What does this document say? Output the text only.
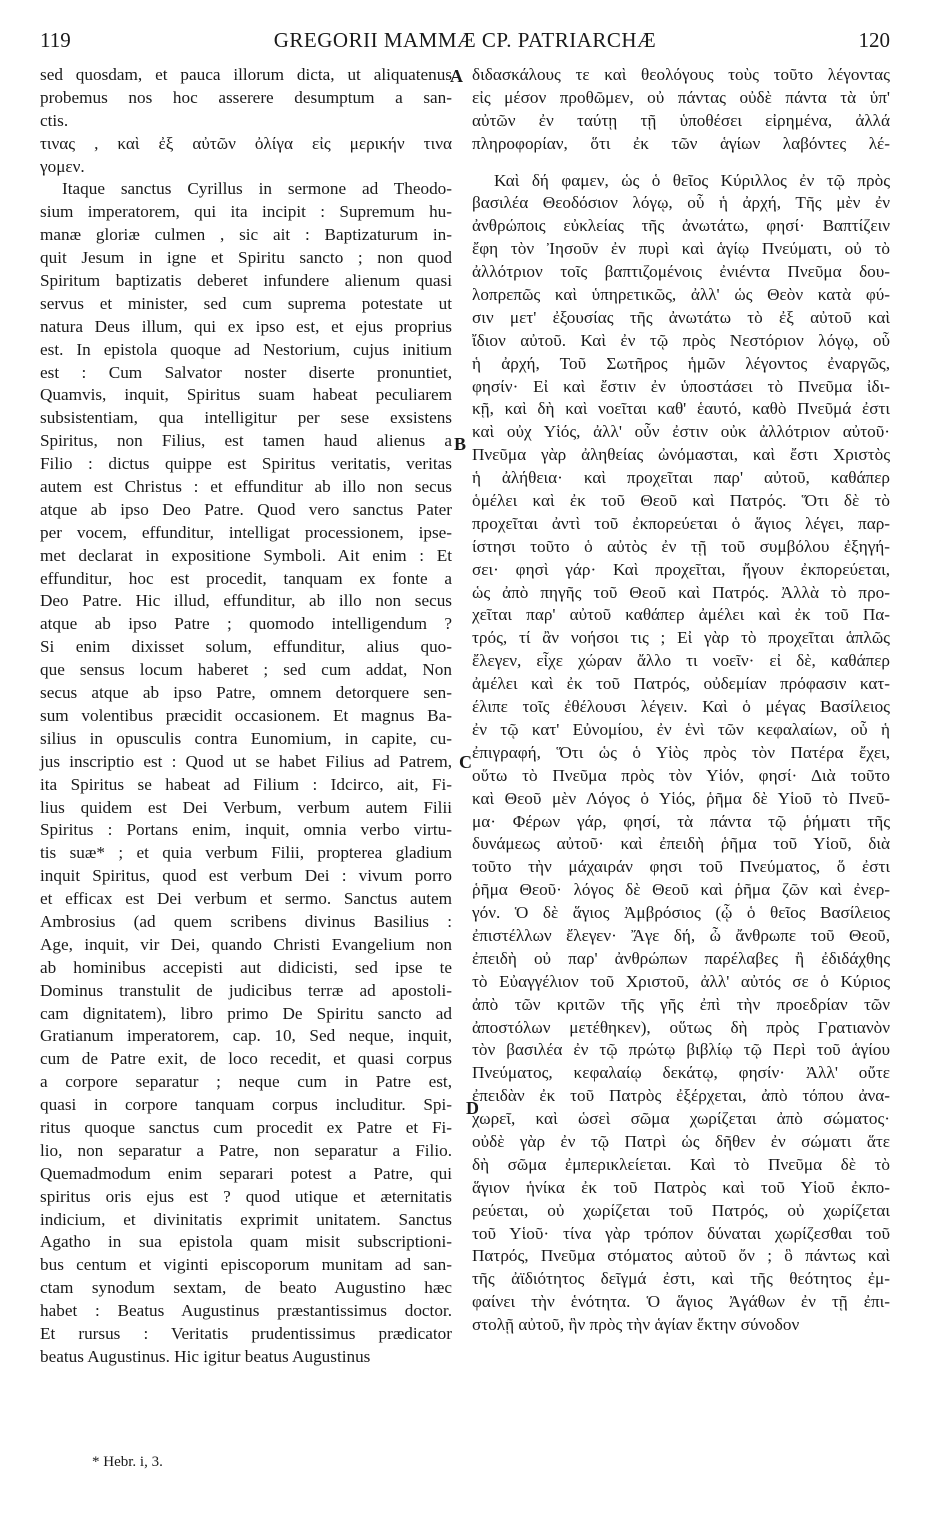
119	GREGORII MAMMÆ CP. PATRIARCHÆ	120
sed quosdam, et pauca illorum dicta, ut aliquatenus
probemus nos hoc asserere desumptum a san-
ctis.
τινας , καὶ ἐξ αὐτῶν ὀλίγα εἰς μερικήν τινα
γομεν.
Itaque sanctus Cyrillus in sermone ad Theodo-
sium imperatorem, qui ita incipit : Supremum hu-
manæ gloriæ culmen , sic ait : Baptizaturum in-
quit Jesum in igne et Spiritu sancto ; non quod
Spiritum baptizatis deberet infundere alienum quasi
servus et minister, sed cum suprema potestate ut
natura Deus illum, qui ex ipso est, et ejus proprius
est. In epistola quoque ad Nestorium, cujus initium
est : Cum Salvator noster diserte pronuntiet,
Quamvis, inquit, Spiritus suam habeat peculiarem
subsistentiam, qua intelligitur per sese exsistens
Spiritus, non Filius, est tamen haud alienus a
Filio : dictus quippe est Spiritus veritatis, veritas
autem est Christus : et effunditur ab illo non secus
atque ab ipso Deo Patre. Quod vero sanctus Pater
per vocem, effunditur, intelligat processionem, ipse-
met declarat in expositione Symboli. Ait enim : Et
effunditur, hoc est procedit, tanquam ex fonte a
Deo Patre. Hic illud, effunditur, ab illo non secus
atque ab ipso Patre ; quomodo intelligendum ?
Si enim dixisset solum, effunditur, alius quo-
que sensus locum haberet ; sed cum addat, Non
secus atque ab ipso Patre, omnem detorquere sen-
sum volentibus præcidit occasionem. Et magnus Ba-
silius in opusculis contra Eunomium, in capite, cu-
jus inscriptio est : Quod ut se habet Filius ad Patrem,
ita Spiritus se habeat ad Filium : Idcirco, ait, Fi-
lius quidem est Dei Verbum, verbum autem Filii
Spiritus : Portans enim, inquit, omnia verbo virtu-
tis suæ* ; et quia verbum Filii, propterea gladium
inquit Spiritus, quod est verbum Dei : vivum porro
et efficax est Dei verbum et sermo. Sanctus autem
Ambrosius (ad quem scribens divinus Basilius :
Age, inquit, vir Dei, quando Christi Evangelium non
ab hominibus accepisti aut didicisti, sed ipse te
Dominus transtulit de judicibus terræ ad apostoli-
cam dignitatem), libro primo De Spiritu sancto ad
Gratianum imperatorem, cap. 10, Sed neque, inquit,
cum de Patre exit, de loco recedit, et quasi corpus
a corpore separatur ; neque cum in Patre est,
quasi in corpore tanquam corpus includitur. Spi-
ritus quoque sanctus cum procedit ex Patre et Fi-
lio, non separatur a Patre, non separatur a Filio.
Quemadmodum enim separari potest a Patre, qui
spiritus oris ejus est ? quod utique et æternitatis
indicium, et divinitatis exprimit unitatem. Sanctus
Agatho in sua epistola quam misit subscriptioni-
bus centum et viginti episcoporum munitam ad san-
ctam synodum sextam, de beato Augustino hæc
habet : Beatus Augustinus præstantissimus doctor.
Et rursus : Veritatis prudentissimus prædicator
beatus Augustinus. Hic igitur beatus Augustinus
διδασκάλους τε καὶ θεολόγους τοὺς τοῦτο λέγοντας
εἰς μέσον προθῶμεν, οὐ πάντας οὐδὲ πάντα τὰ ὑπ'
αὐτῶν ἐν ταύτῃ τῇ ὑποθέσει εἰρημένα, ἀλλά
πληροφορίαν, ὅτι ἐκ τῶν ἁγίων λαβόντες λέ-
Καὶ δή φαμεν, ὡς ὁ θεῖος Κύριλλος ἐν τῷ πρὸς
βασιλέα Θεοδόσιον λόγῳ, οὗ ἡ ἀρχή, Τῆς μὲν ἐν
ἀνθρώποις εὐκλείας τῆς ἀνωτάτω, φησί· Βαπτίζειν
ἔφη τὸν Ἰησοῦν ἐν πυρὶ καὶ ἁγίῳ Πνεύματι, οὐ τὸ
ἀλλότριον τοῖς βαπτιζομένοις ἐνιέντα Πνεῦμα δου-
λοπρεπῶς καὶ ὑπηρετικῶς, ἀλλ' ὡς Θεὸν κατὰ φύ-
σιν μετ' ἐξουσίας τῆς ἀνωτάτω τὸ ἐξ αὐτοῦ καὶ
ἴδιον αὐτοῦ. Καὶ ἐν τῷ πρὸς Νεστόριον λόγῳ, οὗ
ἡ ἀρχή, Τοῦ Σωτῆρος ἡμῶν λέγοντος ἐναργῶς,
φησίν· Εἰ καὶ ἔστιν ἐν ὑποστάσει τὸ Πνεῦμα ἰδι-
κῇ, καὶ δὴ καὶ νοεῖται καθ' ἑαυτό, καθὸ Πνεῦμά ἐστι
καὶ οὐχ Υἱός, ἀλλ' οὖν ἐστιν οὐκ ἀλλότριον αὐτοῦ·
Πνεῦμα γὰρ ἀληθείας ὠνόμασται, καὶ ἔστι Χριστὸς
ἡ ἀλήθεια· καὶ προχεῖται παρ' αὐτοῦ, καθάπερ
ὁμέλει καὶ ἐκ τοῦ Θεοῦ καὶ Πατρός. Ὅτι δὲ τὸ
προχεῖται ἀντὶ τοῦ ἐκπορεύεται ὁ ἅγιος λέγει, παρ-
ίστησι τοῦτο ὁ αὐτὸς ἐν τῇ τοῦ συμβόλου ἐξηγή-
σει· φησὶ γάρ· Καὶ προχεῖται, ἤγουν ἐκπορεύεται,
ὡς ἀπὸ πηγῆς τοῦ Θεοῦ καὶ Πατρός. Ἀλλὰ τὸ προ-
χεῖται παρ' αὐτοῦ καθάπερ ἀμέλει καὶ ἐκ τοῦ Πα-
τρός, τί ἂν νοήσοι τις ; Εἰ γὰρ τὸ προχεῖται ἁπλῶς
ἔλεγεν, εἶχε χώραν ἄλλο τι νοεῖν· εἰ δὲ, καθάπερ
ἀμέλει καὶ ἐκ τοῦ Πατρός, οὐδεμίαν πρόφασιν κατ-
έλιπε τοῖς ἐθέλουσι λέγειν. Καὶ ὁ μέγας Βασίλειος
ἐν τῷ κατ' Εὐνομίου, ἐν ἑνὶ τῶν κεφαλαίων, οὗ ἡ
ἐπιγραφή, Ὅτι ὡς ὁ Υἱὸς πρὸς τὸν Πατέρα ἔχει,
οὕτω τὸ Πνεῦμα πρὸς τὸν Υἱόν, φησί· Διὰ τοῦτο
καὶ Θεοῦ μὲν Λόγος ὁ Υἱός, ῥῆμα δὲ Υἱοῦ τὸ Πνεῦ-
μα· Φέρων γάρ, φησί, τὰ πάντα τῷ ῥήματι τῆς
δυνάμεως αὐτοῦ· καὶ ἐπειδὴ ῥῆμα τοῦ Υἱοῦ, διὰ
τοῦτο τὴν μάχαιράν φησι τοῦ Πνεύματος, ὅ ἐστι
ῥῆμα Θεοῦ· λόγος δὲ Θεοῦ καὶ ῥῆμα ζῶν καὶ ἐνερ-
γόν. Ὁ δὲ ἅγιος Ἀμβρόσιος (ᾧ ὁ θεῖος Βασίλειος
ἐπιστέλλων ἔλεγεν· Ἄγε δή, ὦ ἄνθρωπε τοῦ Θεοῦ,
ἐπειδὴ οὐ παρ' ἀνθρώπων παρέλαβες ἢ ἐδιδάχθης
τὸ Εὐαγγέλιον τοῦ Χριστοῦ, ἀλλ' αὐτός σε ὁ Κύριος
ἀπὸ τῶν κριτῶν τῆς γῆς ἐπὶ τὴν προεδρίαν τῶν
ἀποστόλων μετέθηκεν), οὕτως δὴ πρὸς Γρατιανὸν
τὸν βασιλέα ἐν τῷ πρώτῳ βιβλίῳ τῷ Περὶ τοῦ ἁγίου
Πνεύματος, κεφαλαίῳ δεκάτῳ, φησίν· Ἀλλ' οὔτε
ἐπειδὰν ἐκ τοῦ Πατρὸς ἐξέρχεται, ἀπὸ τόπου ἀνα-
χωρεῖ, καὶ ὡσεὶ σῶμα χωρίζεται ἀπὸ σώματος·
οὐδὲ γὰρ ἐν τῷ Πατρὶ ὡς δῆθεν ἐν σώματι ἅτε
δὴ σῶμα ἐμπερικλείεται. Καὶ τὸ Πνεῦμα δὲ τὸ
ἅγιον ἡνίκα ἐκ τοῦ Πατρὸς καὶ τοῦ Υἱοῦ ἐκπο-
ρεύεται, οὐ χωρίζεται τοῦ Πατρός, οὐ χωρίζεται
τοῦ Υἱοῦ· τίνα γὰρ τρόπον δύναται χωρίζεσθαι τοῦ
Πατρός, Πνεῦμα στόματος αὐτοῦ ὄν ; ὃ πάντως καὶ
τῆς ἀϊδιότητος δεῖγμά ἐστι, καὶ τῆς θεότητος ἐμ-
φαίνει τὴν ἑνότητα. Ὁ ἅγιος Ἀγάθων ἐν τῇ ἐπι-
στολῇ αὐτοῦ, ἣν πρὸς τὴν ἁγίαν ἕκτην σύνοδον
A
B
C
D
* Hebr. i, 3.
